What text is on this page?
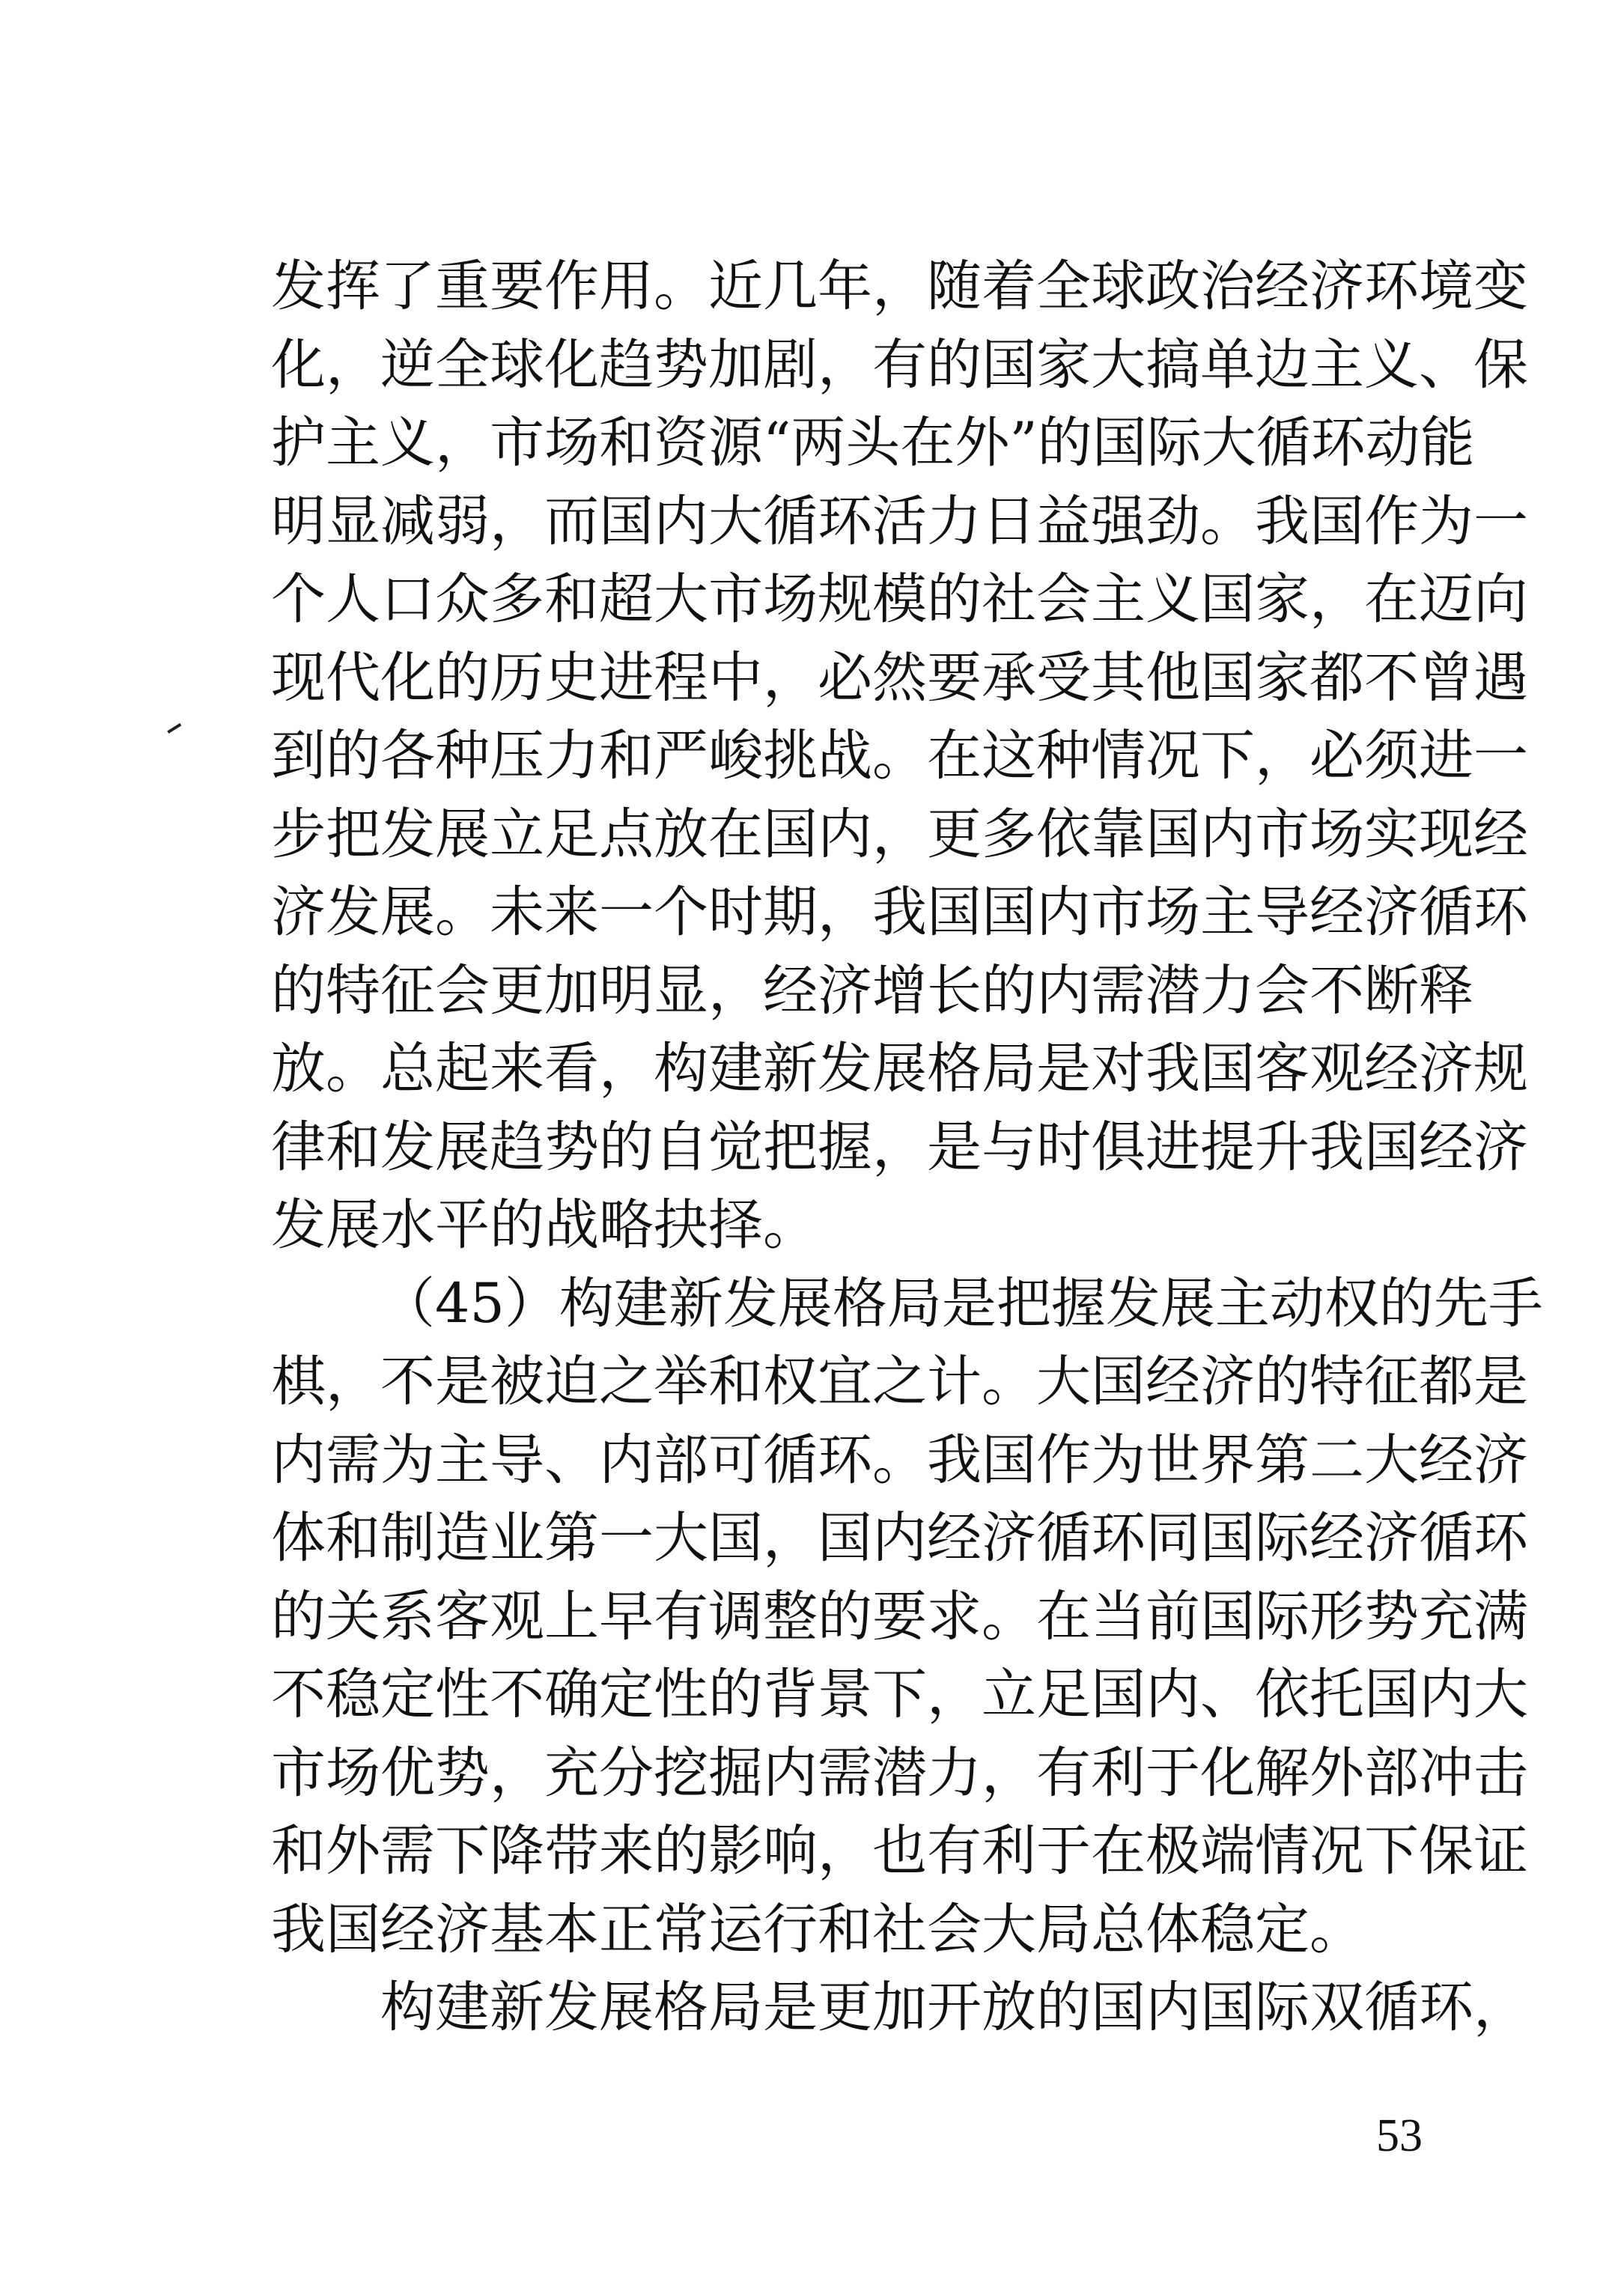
发挥了重要作用。近几年，随着全球政治经济环境变
化，逆全球化趋势加剧，有的国家大搞单边主义、保
护主义，市场和资源“两头在外”的国际大循环动能
明显减弱，而国内大循环活力日益强劲。我国作为一
个人口众多和超大市场规模的社会主义国家，在迈向
现代化的历史进程中，必然要承受其他国家都不曾遇
到的各种压力和严峻挑战。在这种情况下，必须进一
步把发展立足点放在国内，更多依靠国内市场实现经
济发展。未来一个时期，我国国内市场主导经济循环
的特征会更加明显，经济增长的内需潜力会不断释
放。总起来看，构建新发展格局是对我国客观经济规
律和发展趋势的自觉把握，是与时俱进提升我国经济
发展水平的战略抉择。
（45）构建新发展格局是把握发展主动权的先手
棋，不是被迫之举和权宜之计。大国经济的特征都是
内需为主导、内部可循环。我国作为世界第二大经济
体和制造业第一大国，国内经济循环同国际经济循环
的关系客观上早有调整的要求。在当前国际形势充满
不稳定性不确定性的背景下，立足国内、依托国内大
市场优势，充分挖掘内需潜力，有利于化解外部冲击
和外需下降带来的影响，也有利于在极端情况下保证
我国经济基本正常运行和社会大局总体稳定。
构建新发展格局是更加开放的国内国际双循环，
53
